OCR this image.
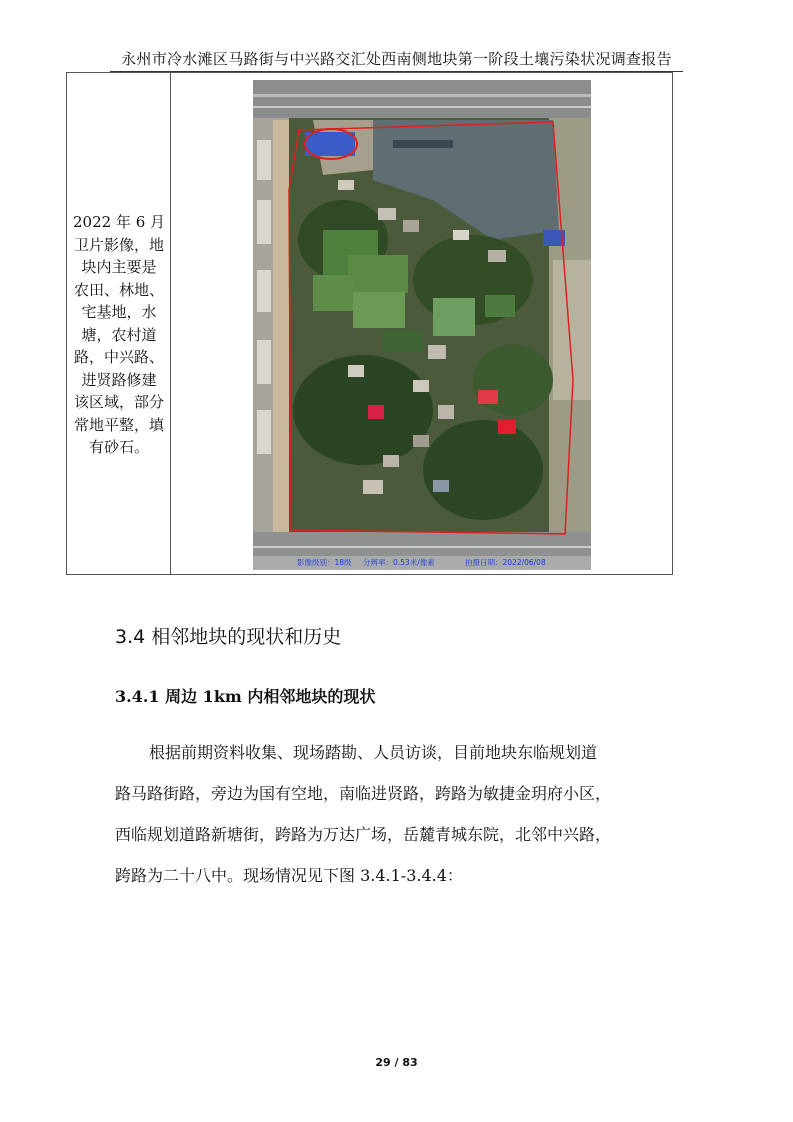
永州市冷水滩区马路街与中兴路交汇处西南侧地块第一阶段土壤污染状况调查报告
2022 年 6 月
卫片影像，地
块内主要是
农田、林地、
宅基地，水
塘，农村道
路，中兴路、
进贤路修建
该区域，部分
常地平整，填
有砂石。
影像级别：18级 分辨率：0.53米/像素	拍摄日期：2022/06/08
3.4 相邻地块的现状和历史
3.4.1 周边 1km 内相邻地块的现状
根据前期资料收集、现场踏勘、人员访谈，目前地块东临规划道
路马路街路，旁边为国有空地，南临进贤路，跨路为敏捷金玥府小区，
西临规划道路新塘街，跨路为万达广场，岳麓青城东院，北邻中兴路，
跨路为二十八中。现场情况见下图 3.4.1-3.4.4：
29 / 83
